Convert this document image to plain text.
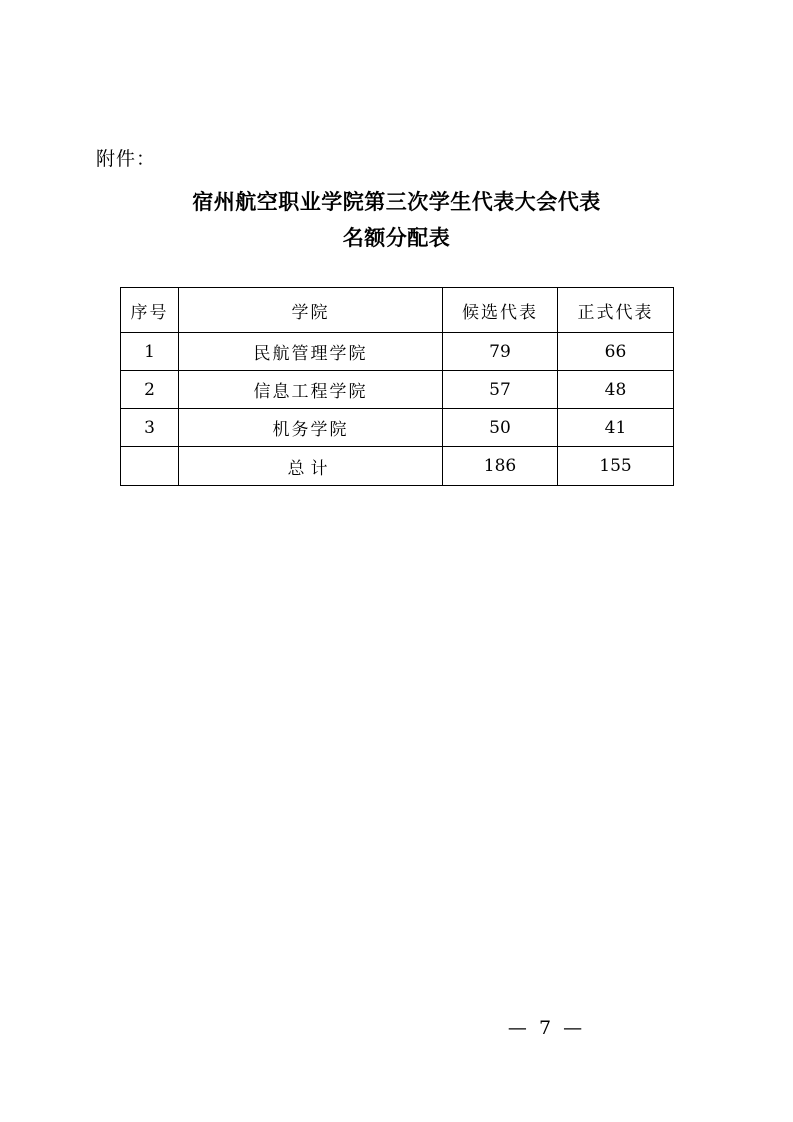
附件：
宿州航空职业学院第三次学生代表大会代表
名额分配表
序号	学院	候选代表	正式代表
1	民航管理学院	79	66
2	信息工程学院	57	48
3	机务学院	50	41
	总计	186	155
— 7 —
